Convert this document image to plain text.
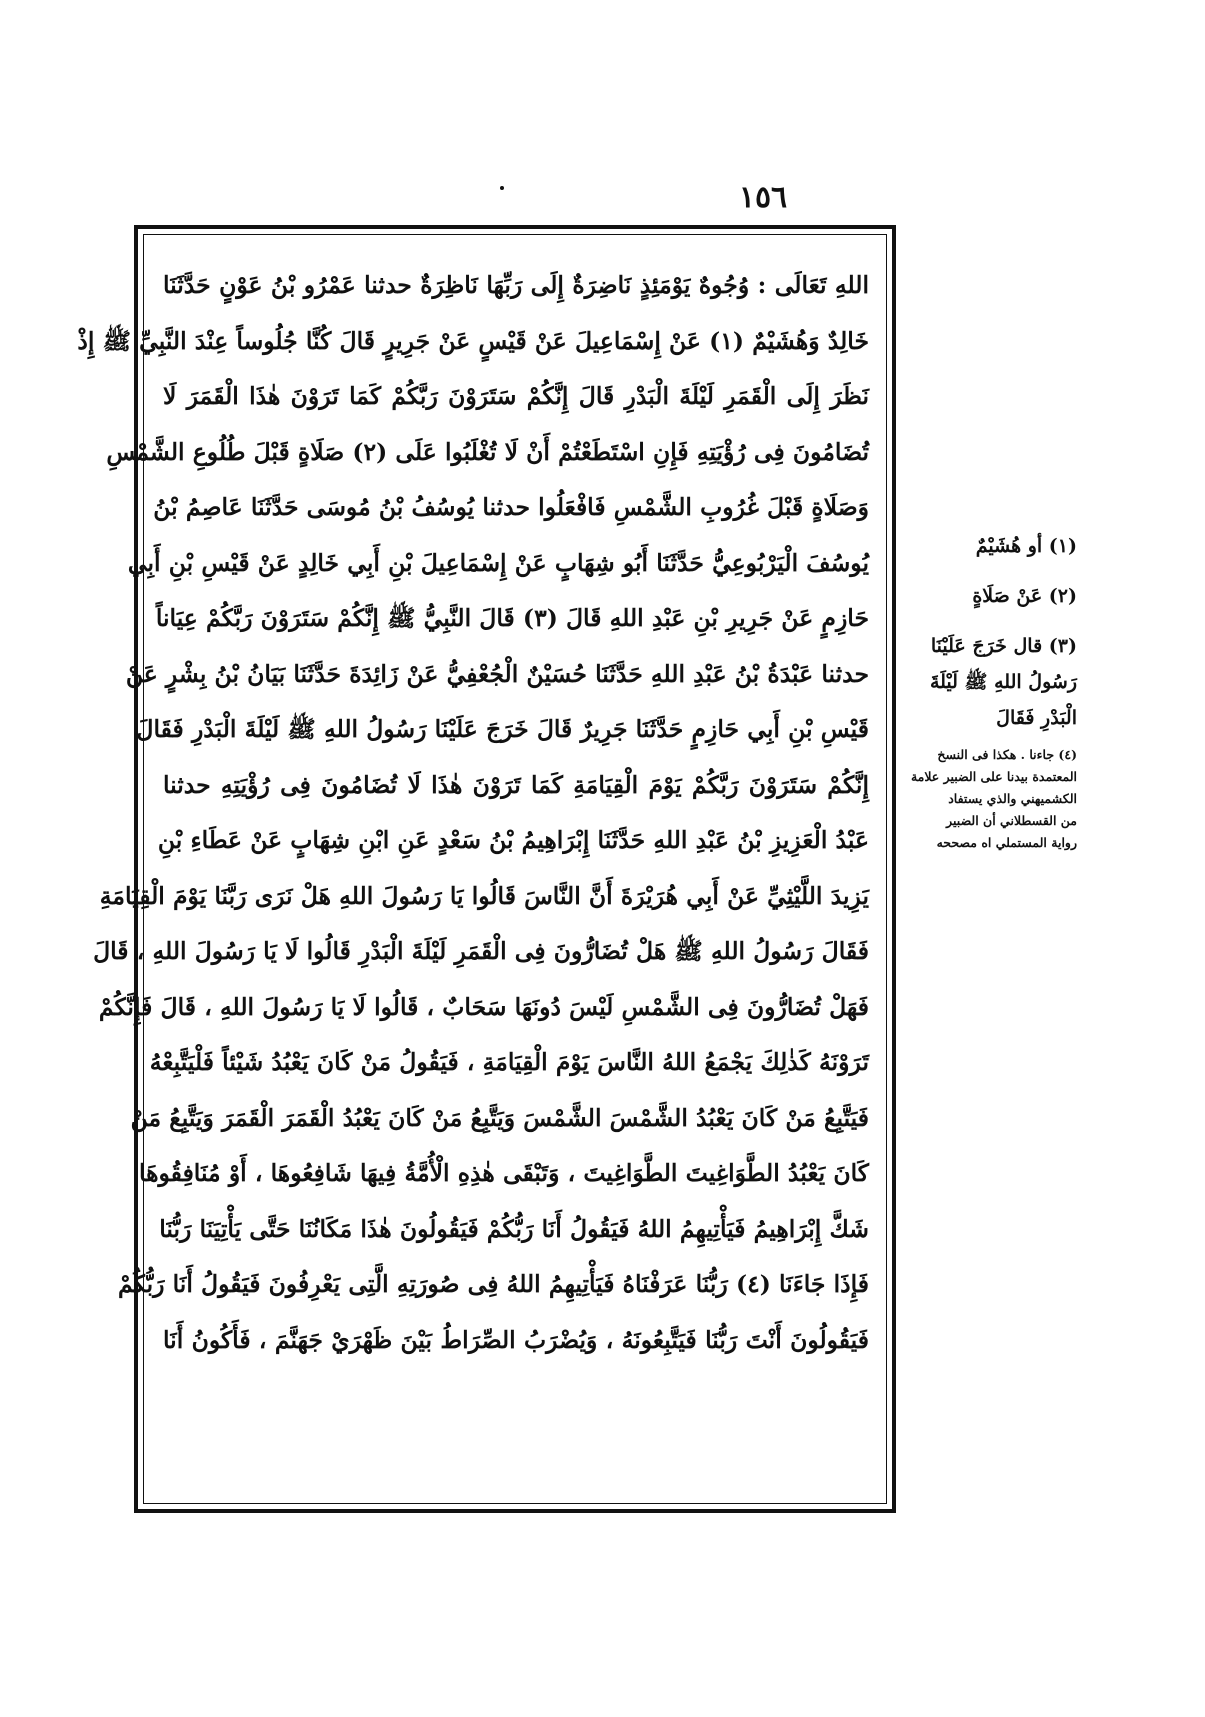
١٥٦
اللهِ تَعَالَى : وُجُوهٌ يَوْمَئِذٍ نَاضِرَةٌ إِلَى رَبِّهَا نَاظِرَةٌ حدثنا عَمْرُو بْنُ عَوْنٍ حَدَّثَنَا
خَالِدٌ وَهُشَيْمٌ (١) عَنْ إِسْمَاعِيلَ عَنْ قَيْسٍ عَنْ جَرِيرٍ قَالَ كُنَّا جُلُوساً عِنْدَ النَّبِيِّ ﷺ إِذْ
نَظَرَ إِلَى الْقَمَرِ لَيْلَةَ الْبَدْرِ قَالَ إِنَّكُمْ سَتَرَوْنَ رَبَّكُمْ كَمَا تَرَوْنَ هٰذَا الْقَمَرَ لَا
تُضَامُونَ فِى رُؤْيَتِهِ فَإِنِ اسْتَطَعْتُمْ أَنْ لَا تُغْلَبُوا عَلَى (٢) صَلَاةٍ قَبْلَ طُلُوعِ الشَّمْسِ
وَصَلَاةٍ قَبْلَ غُرُوبِ الشَّمْسِ فَافْعَلُوا حدثنا يُوسُفُ بْنُ مُوسَى حَدَّثَنَا عَاصِمُ بْنُ
يُوسُفَ الْيَرْبُوعِيُّ حَدَّثَنَا أَبُو شِهَابٍ عَنْ إِسْمَاعِيلَ بْنِ أَبِي خَالِدٍ عَنْ قَيْسِ بْنِ أَبِي
حَازِمٍ عَنْ جَرِيرِ بْنِ عَبْدِ اللهِ قَالَ (٣) قَالَ النَّبِيُّ ﷺ إِنَّكُمْ سَتَرَوْنَ رَبَّكُمْ عِيَاناً
حدثنا عَبْدَةُ بْنُ عَبْدِ اللهِ حَدَّثَنَا حُسَيْنٌ الْجُعْفِيُّ عَنْ زَائِدَةَ حَدَّثَنَا بَيَانُ بْنُ بِشْرٍ عَنْ
قَيْسِ بْنِ أَبِي حَازِمٍ حَدَّثَنَا جَرِيرٌ قَالَ خَرَجَ عَلَيْنَا رَسُولُ اللهِ ﷺ لَيْلَةَ الْبَدْرِ فَقَالَ
إِنَّكُمْ سَتَرَوْنَ رَبَّكُمْ يَوْمَ الْقِيَامَةِ كَمَا تَرَوْنَ هٰذَا لَا تُضَامُونَ فِى رُؤْيَتِهِ حدثنا
عَبْدُ الْعَزِيزِ بْنُ عَبْدِ اللهِ حَدَّثَنَا إِبْرَاهِيمُ بْنُ سَعْدٍ عَنِ ابْنِ شِهَابٍ عَنْ عَطَاءِ بْنِ
يَزِيدَ اللَّيْثِيِّ عَنْ أَبِي هُرَيْرَةَ أَنَّ النَّاسَ قَالُوا يَا رَسُولَ اللهِ هَلْ نَرَى رَبَّنَا يَوْمَ الْقِيَامَةِ
فَقَالَ رَسُولُ اللهِ ﷺ هَلْ تُضَارُّونَ فِى الْقَمَرِ لَيْلَةَ الْبَدْرِ قَالُوا لَا يَا رَسُولَ اللهِ ، قَالَ
فَهَلْ تُضَارُّونَ فِى الشَّمْسِ لَيْسَ دُونَهَا سَحَابٌ ، قَالُوا لَا يَا رَسُولَ اللهِ ، قَالَ فَإِنَّكُمْ
تَرَوْنَهُ كَذٰلِكَ يَجْمَعُ اللهُ النَّاسَ يَوْمَ الْقِيَامَةِ ، فَيَقُولُ مَنْ كَانَ يَعْبُدُ شَيْئاً فَلْيَتَّبِعْهُ
فَيَتَّبِعُ مَنْ كَانَ يَعْبُدُ الشَّمْسَ الشَّمْسَ وَيَتَّبِعُ مَنْ كَانَ يَعْبُدُ الْقَمَرَ الْقَمَرَ وَيَتَّبِعُ مَنْ
كَانَ يَعْبُدُ الطَّوَاغِيتَ الطَّوَاغِيتَ ، وَتَبْقَى هٰذِهِ الْأُمَّةُ فِيهَا شَافِعُوهَا ، أَوْ مُنَافِقُوهَا
شَكَّ إِبْرَاهِيمُ فَيَأْتِيهِمُ اللهُ فَيَقُولُ أَنَا رَبُّكُمْ فَيَقُولُونَ هٰذَا مَكَانُنَا حَتَّى يَأْتِيَنَا رَبُّنَا
فَإِذَا جَاءَنَا (٤) رَبُّنَا عَرَفْنَاهُ فَيَأْتِيهِمُ اللهُ فِى صُورَتِهِ الَّتِى يَعْرِفُونَ فَيَقُولُ أَنَا رَبُّكُمْ
فَيَقُولُونَ أَنْتَ رَبُّنَا فَيَتَّبِعُونَهُ ، وَيُضْرَبُ الصِّرَاطُ بَيْنَ ظَهْرَيْ جَهَنَّمَ ، فَأَكُونُ أَنَا

(١) أو هُشَيْمٌ

(٢) عَنْ صَلَاةٍ

(٣) قال خَرَجَ عَلَيْنَا

رَسُولُ اللهِ ﷺ لَيْلَةَ

الْبَدْرِ فَقَالَ

(٤) جاءنا . هكذا فى النسخ

المعتمدة بيدنا على الضبير علامة

الكشميهني والذي يستفاد

من القسطلاني أن الضبير

رواية المستملي اه مصححه
